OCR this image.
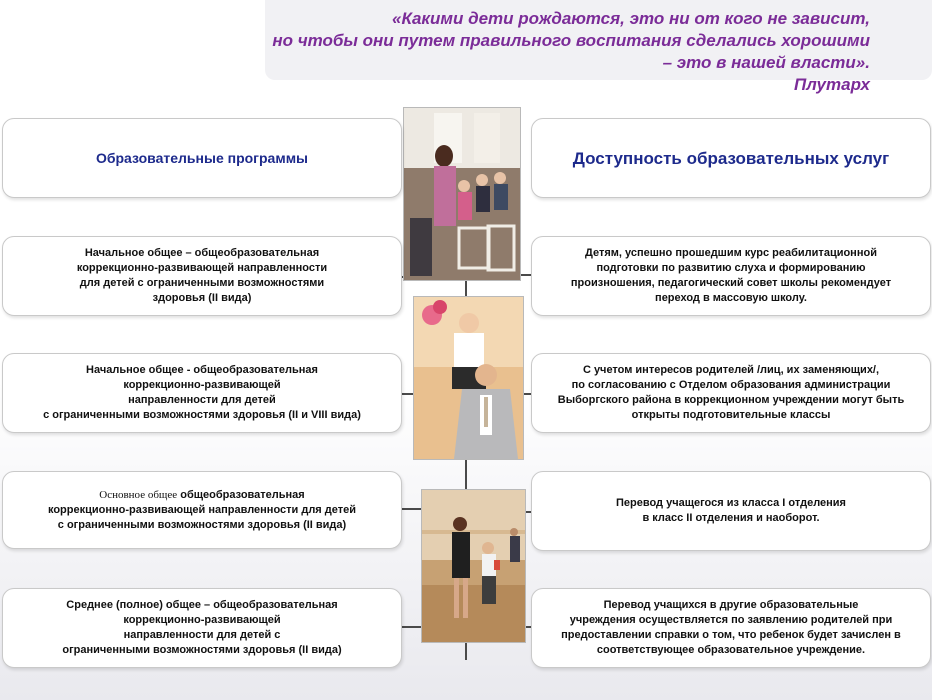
«Какими дети рождаются, это ни от кого не зависит,
но чтобы они путем правильного воспитания сделались хорошими
– это в нашей власти».
Плутарх
Образовательные программы
Начальное общее – общеобразовательная
коррекционно-развивающей направленности
для детей с ограниченными возможностями
здоровья (II вида)
Начальное общее - общеобразовательная
коррекционно-развивающей
направленности для детей
с ограниченными возможностями здоровья (II и VIII вида)
Основное общее общеобразовательная
коррекционно-развивающей направленности для детей
с ограниченными возможностями здоровья (II вида)
Среднее (полное) общее – общеобразовательная
коррекционно-развивающей
направленности для детей с
ограниченными возможностями здоровья (II вида)
Доступность образовательных услуг
Детям, успешно прошедшим курс реабилитационной
подготовки по развитию слуха и формированию
произношения, педагогический совет школы рекомендует
переход в массовую школу.
С учетом интересов родителей /лиц, их заменяющих/,
по согласованию с Отделом образования администрации
Выборгского района в коррекционном учреждении могут быть
открыты подготовительные классы
Перевод учащегося из класса I отделения
в класс II отделения и наоборот.
Перевод учащихся в другие образовательные
учреждения осуществляется по заявлению родителей при
предоставлении справки о том, что ребенок будет зачислен в
соответствующее образовательное учреждение.
